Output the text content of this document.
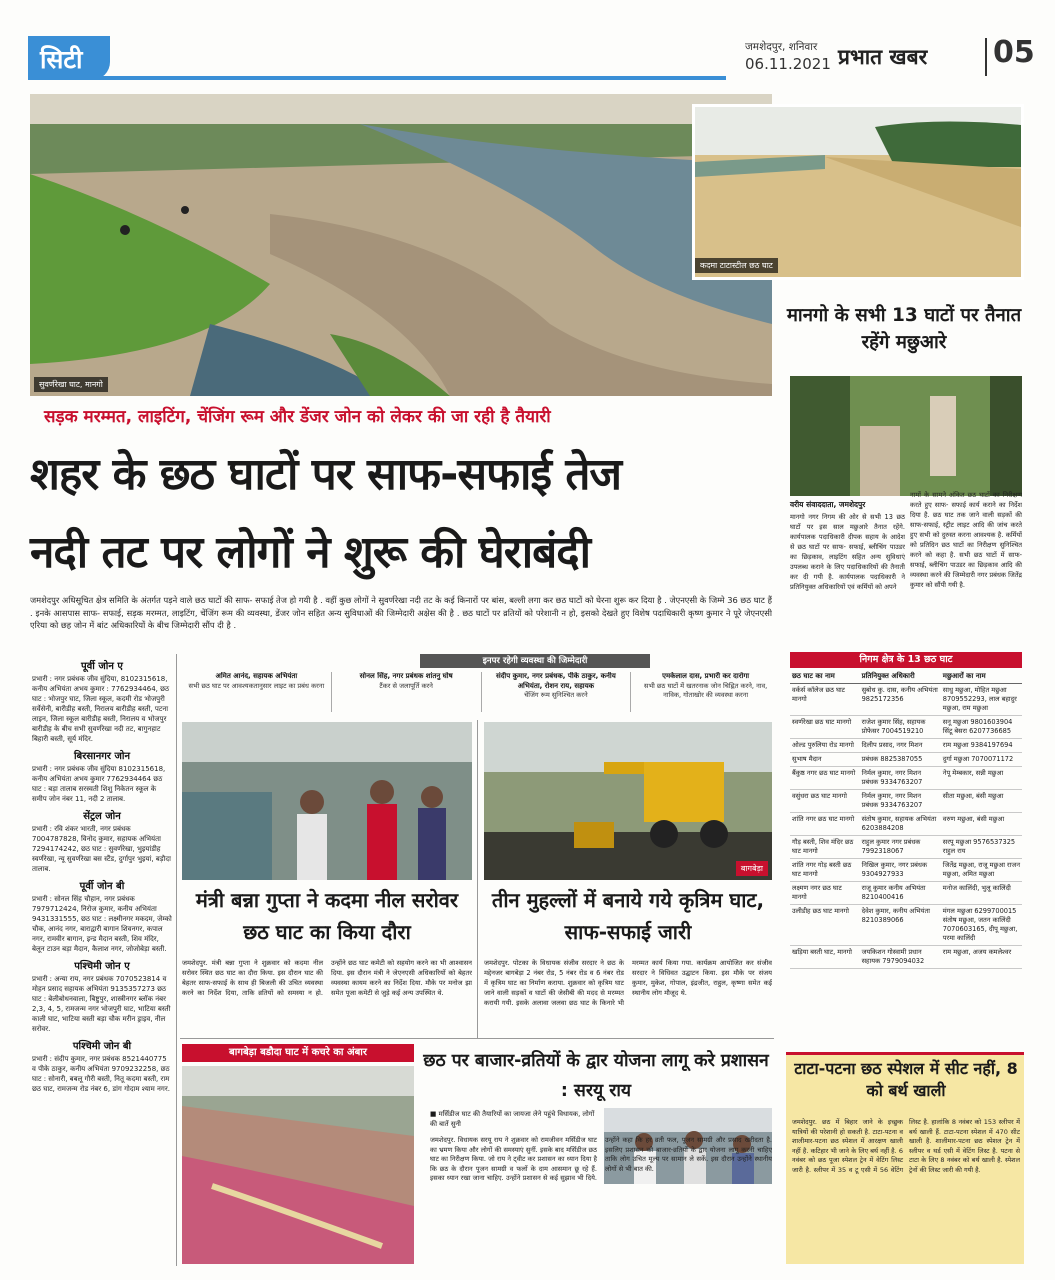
सिटी	जमशेदपुर, शनिवार
06.11.2021 प्रभात खबर 05
सुवर्णरेखा घाट, मानगो
कदमा टाटास्टील छठ घाट
सड़क मरम्मत, लाइटिंग, चेंजिंग रूम और डेंजर जोन को लेकर की जा रही है तैयारी
शहर के छठ घाटों पर साफ-सफाई तेज
नदी तट पर लोगों ने शुरू की घेराबंदी
जमशेदपुर अधिसूचित क्षेत्र समिति के अंतर्गत पड़ने वाले छठ घाटों की साफ- सफाई तेज हो गयी है . वहीं कुछ लोगों ने सुवर्णरेखा नदी तट के कई किनारों पर बांस, बल्ली लगा कर छठ घाटों को घेरना शुरू कर दिया है . जेएनएसी के जिम्मे 36 छठ घाट हैं . इनके आसपास साफ- सफाई, सड़क मरम्मत, लाइटिंग, चेंजिंग रूम की व्यवस्था, डेंजर जोन सहित अन्य सुविधाओं की जिम्मेदारी अक्षेस की है . छठ घाटों पर व्रतियों को परेशानी न हो, इसको देखते हुए विशेष पदाधिकारी कृष्ण कुमार ने पूरे जेएनएसी एरिया को छह जोन में बांट अधिकारियों के बीच जिम्मेदारी सौंप दी है .
मानगो के सभी 13 घाटों पर तैनात रहेंगे मछुआरे
वरीय संवाददाता, जमशेदपुर
मानगो नगर निगम की ओर से सभी 13 छठ घाटों पर इस साल मछुआरे तैनात रहेंगे. कार्यपालक पदाधिकारी दीपक सहाय के आदेश से छठ घाटों पर साफ- सफाई, ब्लीचिंग पाउडर का छिड़काव, लाइटिंग सहित अन्य सुविधाएं उपलब्ध कराने के लिए पदाधिकारियों की तैनाती कर दी गयी है. कार्यपालक पदाधिकारी ने प्रतिनियुक्त अधिकारियों एवं कर्मियों को अपने
नामों के सामने अंकित छठ घाटों का निरीक्षण करते हुए साफ- सफाई कार्य कराने का निर्देश दिया है. छठ घाट तक जाने वाली सड़कों की साफ-सफाई, स्ट्रीट लाइट आदि की जांच करते हुए सभी को दुरुस्त करना आवश्यक है. कर्मियों को प्रतिदिन छठ घाटों का निरीक्षण सुनिश्चित करने को कहा है. सभी छठ घाटों में साफ-सफाई, ब्लीचिंग पाउडर का छिड़काव आदि की व्यवस्था करने की जिम्मेदारी नगर प्रबंधक जितेंद्र कुमार को सौंपी गयी है.
निगम क्षेत्र के 13 छठ घाट
छठ घाट का नाम	प्रतिनियुक्त अधिकारी	मछुआरों का नाम
वर्कर्स कॉलेज छठ घाट मानगो	सुबोध कु. दास, कनीय अभियंता 9825172356	साधु मछुआ, मोहित मछुआ 8709552293, लाल बहादुर मछुआ, राम मछुआ
स्वर्णरेखा छठ घाट मानगो	राजेश कुमार सिंह, सहायक प्रोफेसर 7004519210	सनू मछुआ 9801603904 सिंटू बेसरा 6207736685
ओल्ड पुरुलिया रोड मानगो	दिलीप प्रसाद, नगर मिशन	राम मछुआ 9384197694
सुभाष मैदान	प्रबंधक 8825387055	दुर्गा मछुआ 7070071172
बैंकुष्ठ नगर छठ घाट मानगो	निर्मल कुमार, नगर मिशन प्रबंधक 9334763207	नेपू मेम्बकार, सन्नी मछुआ
वसुंधरा छठ घाट मानगो	निर्मल कुमार, नगर मिशन प्रबंधक 9334763207	सीता मछुआ, बंसी मछुआ
शांति नगर छठ घाट मानगो	संतोष कुमार, सहायक अभियंता 6203884208	वरुण मछुआ, बंसी मछुआ
गौड़ बस्ती, शिव मंदिर छठ घाट मानगो	राहुल कुमार नगर प्रबंधक 7992318067	सरपू मछुआ 9576537325 राहुल राय
शांति नगर गोड़ बस्ती छठ घाट मानगो	निखिल कुमार, नगर प्रबंधक 9304927933	जितेंद्र मछुआ, राजू मछुआ राजन मछुआ, अमित मछुआ
लक्ष्मण नगर छठ घाट मानगो	राजू कुमार कनीय अभियंता 8210400416	मनोज कालिंदी, भुलू कालिंदी
उलीडीह छठ घाट मानगो	देवेश कुमार, कनीय अभियंता 8210389066	मंगल मछुआ 6299700015 संतोष मछुआ, जतन कालिंदी 7070603165, दीपू मछुआ, परमा कालिंदी
खड़िया बस्ती घाट, मानगो	जयकिशन गोस्वामी प्रधान सहायक 7979094032	राम मछुआ, अजय कमलेश्वर
टाटा-पटना छठ स्पेशल में सीट नहीं, 8 को बर्थ खाली
जमशेदपुर. छठ में बिहार जाने के इच्छुक यात्रियों की परेशानी हो सकती है. टाटा-पटना व शालीमार-पटना छठ स्पेशल में आरक्षण खाली नहीं है. कटिहार भी जाने के लिए बर्थ नहीं है. 6 नवंबर को छठ पूजा स्पेशल ट्रेन में वेटिंग लिस्ट जारी है. स्लीपर में 35 व टू एसी में 56 वेटिंग लिस्ट है. हालांकि 8 नवंबर को 153 स्लीपर में बर्थ खाली हैं. टाटा-पटना स्पेशल में 470 सीट खाली है. शालीमार-पटना छठ स्पेशल ट्रेन में स्लीपर व थर्ड एसी में वेटिंग लिस्ट है. पटना से टाटा के लिए 8 नवंबर को बर्थ खाली है. स्पेशल ट्रेनों की लिस्ट जारी की गयी है.
पूर्वी जोन ए
प्रभारी : नगर प्रबंधक जीव सुंदिया, 8102315618, कनीय अभियंता अभय कुमार : 7762934464, छठ घाट : भोजपुर घाट, जिला स्कूल, कदमी रोड भोजपुरी सर्वेसेनी, बारीडीह बस्ती, निरालय बारीडीह बस्ती, पटना लाइन, जिला स्कूल बारीडीह बस्ती, निरालय व भोजपुर बारीडीह के बीच सभी सुवर्णरेखा नदी तट, बागुनहाट बिहारी बस्ती, सूर्य मंदिर.
बिरसानगर जोन
प्रभारी : नगर प्रबंधक जीव सुंदिया 8102315618, कनीय अभियंता अभय कुमार 7762934464 छठ घाट : बड़ा तालाब सरस्वती शिशु निकेतन स्कूल के समीप जोन नंबर 11, नदी 2 तालाब.
सेंट्रल जोन
प्रभारी : रवि शंकर भारती, नगर प्रबंधक 7004787828, विनोद कुमार, सहायक अभियंता 7294174242, छठ घाट : सुवर्णरेखा, भुइयांडीह स्वर्णरेखा, न्यू सुवर्णरेखा बस स्टैंड, दुर्गापुर भुइयां, बड़ौदा तालाब.
पूर्वी जोन बी
प्रभारी : सोनल सिंह चौहान, नगर प्रबंधक 7979712424, निरोज कुमार, कनीय अभियंता 9431331555, छठ घाट : लक्ष्मीनगर मकदम, जेम्को चौक, आनंद नगर, बाराद्वारी बागान शिवनगर, कपाल नगर, रामवीर बागान, इन्ड मैदान बस्ती, शिव मंदिर, बेलून टाउन बड़ा मैदान, कैलाश नगर, जोजोबेड़ा बस्ती.
पश्चिमी जोन ए
प्रभारी : अन्या राय, नगर प्रबंधक 7070523814 व मोहन प्रसाद सहायक अभियंता 9135357273 छठ घाट : बेलीबोधनवाला, बिष्टुपुर, शास्त्रीनगर ब्लॉक नंबर 2,3, 4, 5, रामजन्म नगर भोजपुरी घाट, भाटिया बस्ती काली घाट, भाटिया बस्ती बड़ा चौक मरीन ड्राइव, नील सरोवर.
पश्चिमी जोन बी
प्रभारी : संदीप कुमार, नगर प्रबंधक 8521440775 व पीके ठाकुर, कनीय अभियंता 9709232258, छठ घाट : सोनारी, बबलू गौरी बस्ती, नितू कदमा बस्ती, राम छठ घाट, रामजन्म रोड नंबर 6, डांग गोदाम श्याम नगर.
इनपर रहेगी व्यवस्था की जिम्मेदारी
अमित आनंद, सहायक अभियंता
सभी छठ घाट पर आवश्यकतानुसार लाइट का प्रबंध करना
सोनल सिंह, नगर प्रबंधक शांतनु घोष
टैंकर से जलापूर्ति करने
संदीप कुमार, नगर प्रबंधक, पीके ठाकुर, कनीय अभियंता, रोशन राय, सहायक
चेंजिंग रूम सुनिश्चित करने
एमकेलाल दास, प्रभारी कर दारोगा
सभी छठ घाटों में खतरनाक जोन चिह्नित करने, नाव, नाविक, गोताखोर की व्यवस्था करना
मंत्री बन्ना गुप्ता ने कदमा नील सरोवर छठ घाट का किया दौरा
जमशेदपुर. मंत्री बन्ना गुप्ता ने शुक्रवार को कदमा नील सरोवर स्थित छठ घाट का दौरा किया. इस दौरान घाट की बेहतर साफ-सफाई के साथ ही बिजली की उचित व्यवस्था करने का निर्देश दिया, ताकि व्रतियों को समस्या न हो. उन्होंने छठ घाट कमेटी को सहयोग करने का भी आश्वासन दिया. इस दौरान मंत्री ने जेएनएसी अधिकारियों को बेहतर व्यवस्था कायम करने का निर्देश दिया. मौके पर मनोज झा समेत पूजा कमेटी से जुड़े कई अन्य उपस्थित थे.
बागबेड़ा
तीन मुहल्लों में बनाये गये कृत्रिम घाट, साफ-सफाई जारी
जमशेदपुर. पोटका के विधायक संजीव सरदार ने छठ के मद्देनजर बागबेड़ा 2 नंबर रोड, 5 नंबर रोड व 6 नंबर रोड में कृत्रिम घाट का निर्माण कराया. शुक्रवार को कृत्रिम घाट जाने वाली सड़कों व घाटों की जेसीबी की मदद से मरम्मत करायी गयी. इसके अलावा जलवा छठ घाट के किनारे भी मरम्मत कार्य किया गया. कार्यक्रम आयोजित कर संजीव सरदार ने विधिवत उद्घाटन किया. इस मौके पर संजय कुमार, मुकेश, गोपाल, इंद्रजीत, राहुल, कृष्णा समेत कई स्थानीय लोग मौजूद थे.
बागबेड़ा बडौदा घाट में कचरे का अंबार	छठ पर बाजार-व्रतियों के द्वार योजना लागू करे प्रशासन : सरयू राय
■ मर्सिडीज घाट की तैयारियों का जायजा लेने पहुंचे विधायक, लोगों की बातें सुनी
जमशेदपुर. विधायक सरयू राय ने शुक्रवार को रामजीवन मर्सिडीज घाट का भ्रमण किया और लोगों की समस्याएं सुनीं. इसके बाद मर्सिडीज छठ घाट का निरीक्षण किया. जो राय ने ट्वीट कर प्रशासन का ध्यान दिया है कि छठ के दौरान पूजन सामग्री व फलों के दाम आसमान छू रहे हैं. इसका ध्यान रखा जाना चाहिए. उन्होंने प्रशासन से कई सुझाव भी दिये. उन्होंने कहा कि हर व्रती फल, पूजन सामग्री और प्रसाद खरीदता है. इसलिए प्रशासन को बाजार-व्रतियों के द्वार योजना लागू करनी चाहिए ताकि लोग उचित मूल्य पर सामान ले सकें. इस दौरान उन्होंने स्थानीय लोगों से भी बात की.
